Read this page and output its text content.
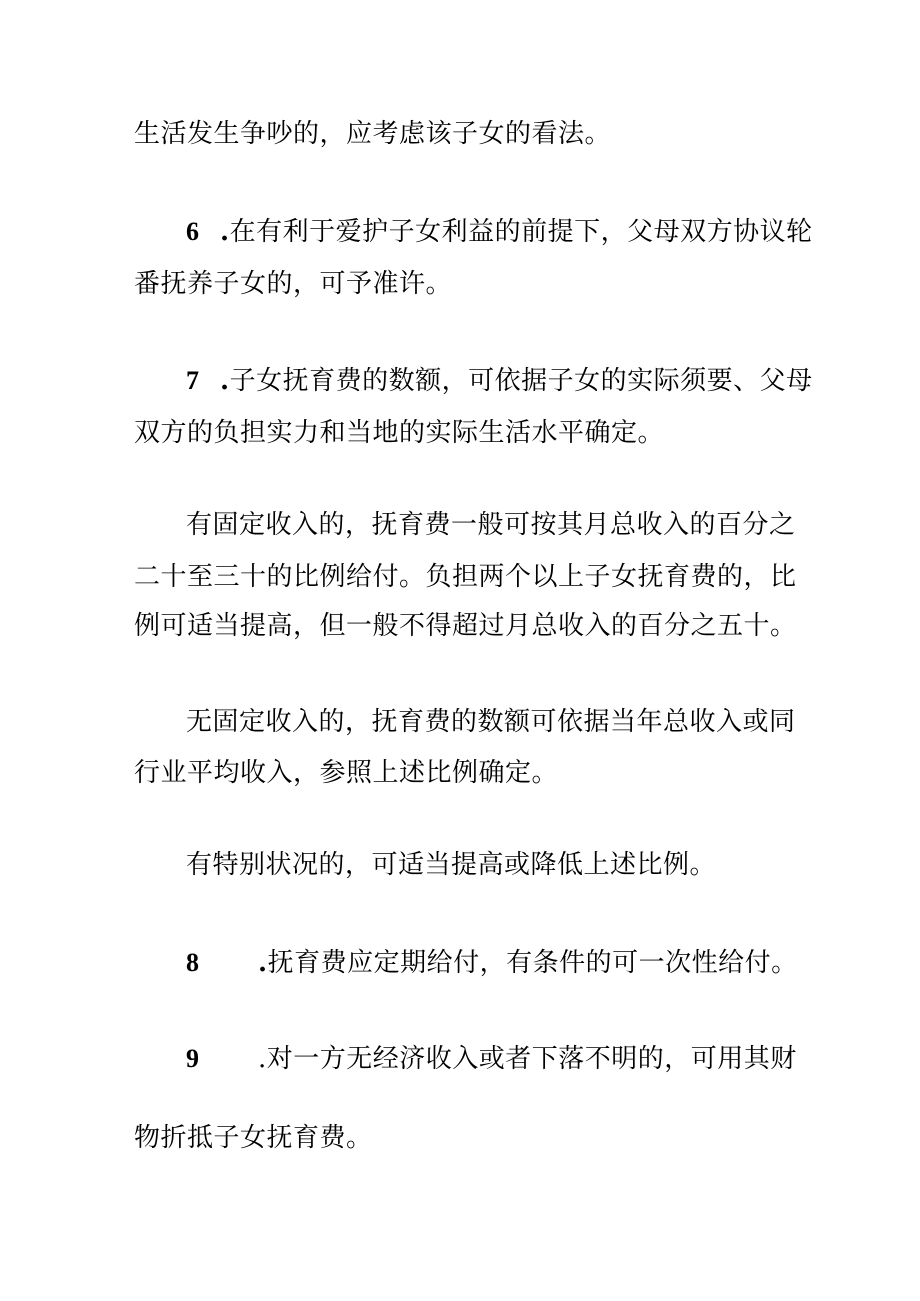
生活发生争吵的，应考虑该子女的看法。
6 .在有利于爱护子女利益的前提下，父母双方协议轮
番抚养子女的，可予准许。
7 .子女抚育费的数额，可依据子女的实际须要、父母
双方的负担实力和当地的实际生活水平确定。
有固定收入的，抚育费一般可按其月总收入的百分之
二十至三十的比例给付。负担两个以上子女抚育费的，比
例可适当提高，但一般不得超过月总收入的百分之五十。
无固定收入的，抚育费的数额可依据当年总收入或同
行业平均收入，参照上述比例确定。
有特别状况的，可适当提高或降低上述比例。
8 .抚育费应定期给付，有条件的可一次性给付。
9 .对一方无经济收入或者下落不明的，可用其财
物折抵子女抚育费。
